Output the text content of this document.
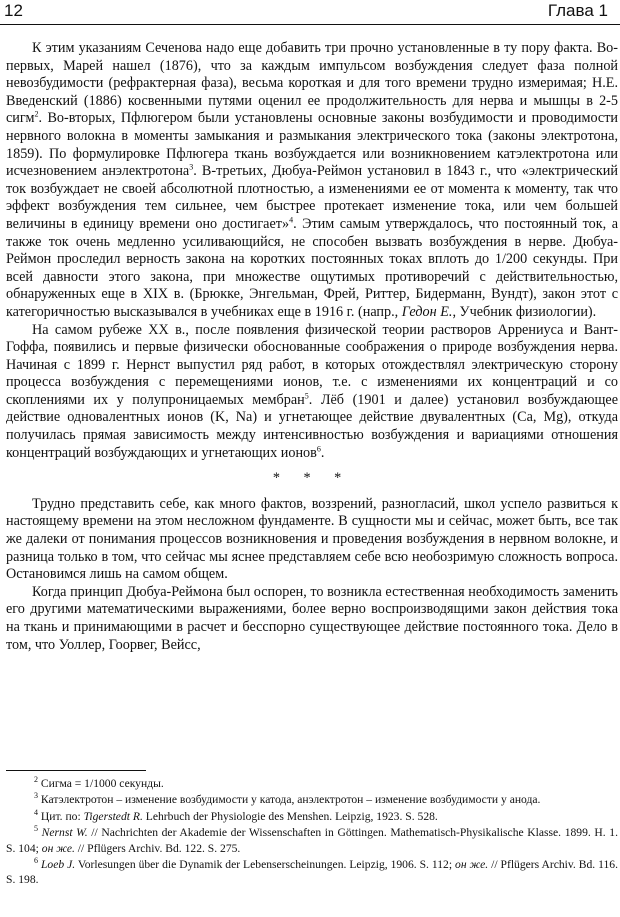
12	Глава 1

К этим указаниям Сеченова надо еще добавить три прочно установленные в ту пору факта. Во-первых, Марей нашел (1876), что за каждым импульсом возбуждения следует фаза полной невозбудимости (рефрактерная фаза), весьма короткая и для того времени трудно измеримая; Н.Е. Введенский (1886) косвенными путями оценил ее продолжительность для нерва и мышцы в 2-5 сигм$^2$. Во-вторых, Пфлюгером были установлены основные законы возбудимости и проводимости нервного волокна в моменты замыкания и размыкания электрического тока (законы электротона, 1859). По формулировке Пфлюгера ткань возбуждается или возникновением катэлектротона или исчезновением анэлектротона$^3$. В-третьих, Дюбуа-Реймон установил в 1843 г., что «электрический ток возбуждает не своей абсолютной плотностью, а изменениями ее от момента к моменту, так что эффект возбуждения тем сильнее, чем быстрее протекает изменение тока, или чем большей величины в единицу времени оно достигает»$^4$. Этим самым утверждалось, что постоянный ток, а также ток очень медленно усиливающийся, не способен вызвать возбуждения в нерве. Дюбуа-Реймон проследил верность закона на коротких постоянных токах вплоть до 1/200 секунды. При всей давности этого закона, при множестве ощутимых противоречий с действительностью, обнаруженных еще в XIX в. (Брюкке, Энгельман, Фрей, Риттер, Бидерманн, Вундт), закон этот с категоричностью высказывался в учебниках еще в 1916 г. (напр., Гедон Е., Учебник физиологии).

На самом рубеже XX в., после появления физической теории растворов Аррениуса и Вант-Гоффа, появились и первые физически обоснованные соображения о природе возбуждения нерва. Начиная с 1899 г. Нернст выпустил ряд работ, в которых отождествлял электрическую сторону процесса возбуждения с перемещениями ионов, т.е. с изменениями их концентраций и со скоплениями их у полупроницаемых мембран$^5$. Лёб (1901 и далее) установил возбуждающее действие одновалентных ионов (K, Na) и угнетающее действие двувалентных (Ca, Mg), откуда получилась прямая зависимость между интенсивностью возбуждения и вариациями отношения концентраций возбуждающих и угнетающих ионов$^6$.

* * *

Трудно представить себе, как много фактов, воззрений, разногласий, школ успело развиться к настоящему времени на этом несложном фундаменте. В сущности мы и сейчас, может быть, все так же далеки от понимания процессов возникновения и проведения возбуждения в нервном волокне, и разница только в том, что сейчас мы яснее представляем себе всю необозримую сложность вопроса. Остановимся лишь на самом общем.

Когда принцип Дюбуа-Реймона был оспорен, то возникла естественная необходимость заменить его другими математическими выражениями, более верно воспроизводящими закон действия тока на ткань и принимающими в расчет и бесспорно существующее действие постоянного тока. Дело в том, что Уоллер, Гоорвег, Вейсс,

$^2$ Сигма = 1/1000 секунды.

$^3$ Катэлектротон – изменение возбудимости у катода, анэлектротон – изменение возбудимости у анода.

$^4$ Цит. по: Tigerstedt R. Lehrbuch der Physiologie des Menshen. Leipzig, 1923. S. 528.

$^5$ Nernst W. // Nachrichten der Akademie der Wissenschaften in Göttingen. Mathematisch-Physikalische Klasse. 1899. H. 1. S. 104; он же. // Pflügers Archiv. Bd. 122. S. 275.

$^6$ Loeb J. Vorlesungen über die Dynamik der Lebenserscheinungen. Leipzig, 1906. S. 112; он же. // Pflügers Archiv. Bd. 116. S. 198.
